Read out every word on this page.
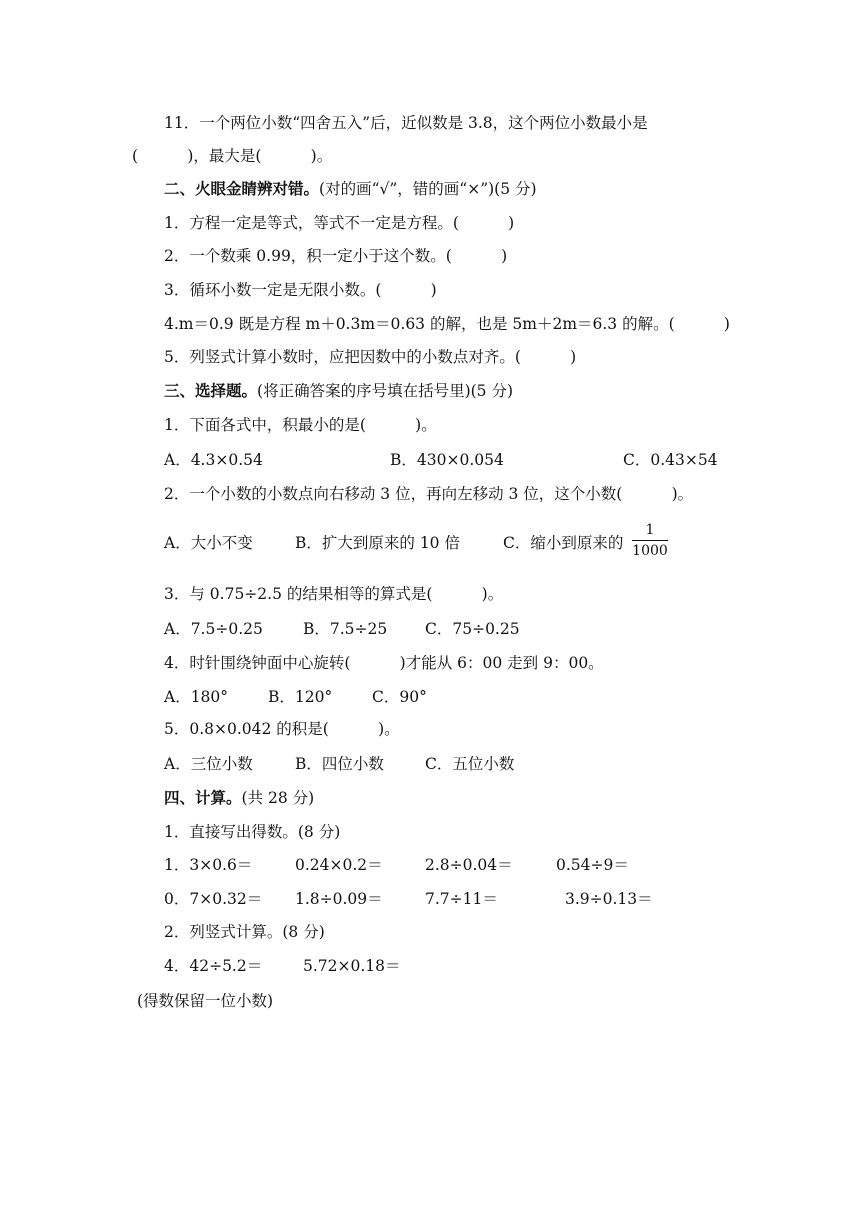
11．一个两位小数“四舍五入”后，近似数是 3.8，这个两位小数最小是
(          )，最大是(          )。
二、火眼金睛辨对错。(对的画“√”，错的画“×”)(5 分)
1．方程一定是等式，等式不一定是方程。(          )
2．一个数乘 0.99，积一定小于这个数。(          )
3．循环小数一定是无限小数。(          )
4.m＝0.9 既是方程 m＋0.3m＝0.63 的解，也是 5m＋2m＝6.3 的解。(          )
5．列竖式计算小数时，应把因数中的小数点对齐。(          )
三、选择题。(将正确答案的序号填在括号里)(5 分)
1．下面各式中，积最小的是(          )。
A．4.3×0.54	B．430×0.054	C．0.43×54
2．一个小数的小数点向右移动 3 位，再向左移动 3 位，这个小数(          )。
A．大小不变	B．扩大到原来的 10 倍	C．缩小到原来的
1
1000
3．与 0.75÷2.5 的结果相等的算式是(          )。
A．7.5÷0.25	B．7.5÷25 C．75÷0.25
4．时针围绕钟面中心旋转(          )才能从 6：00 走到 9：00。
A．180°	B．120°	C．90°
5．0.8×0.042 的积是(          )。
A．三位小数	B．四位小数	C．五位小数
四、计算。(共 28 分)
1．直接写出得数。(8 分)
1．3×0.6＝	0.24×0.2＝	2.8÷0.04＝	0.54÷9＝
0．7×0.32＝ 1.8÷0.09＝	7.7÷11＝	3.9÷0.13＝
2．列竖式计算。(8 分)
4．42÷5.2＝	5.72×0.18＝
(得数保留一位小数)
